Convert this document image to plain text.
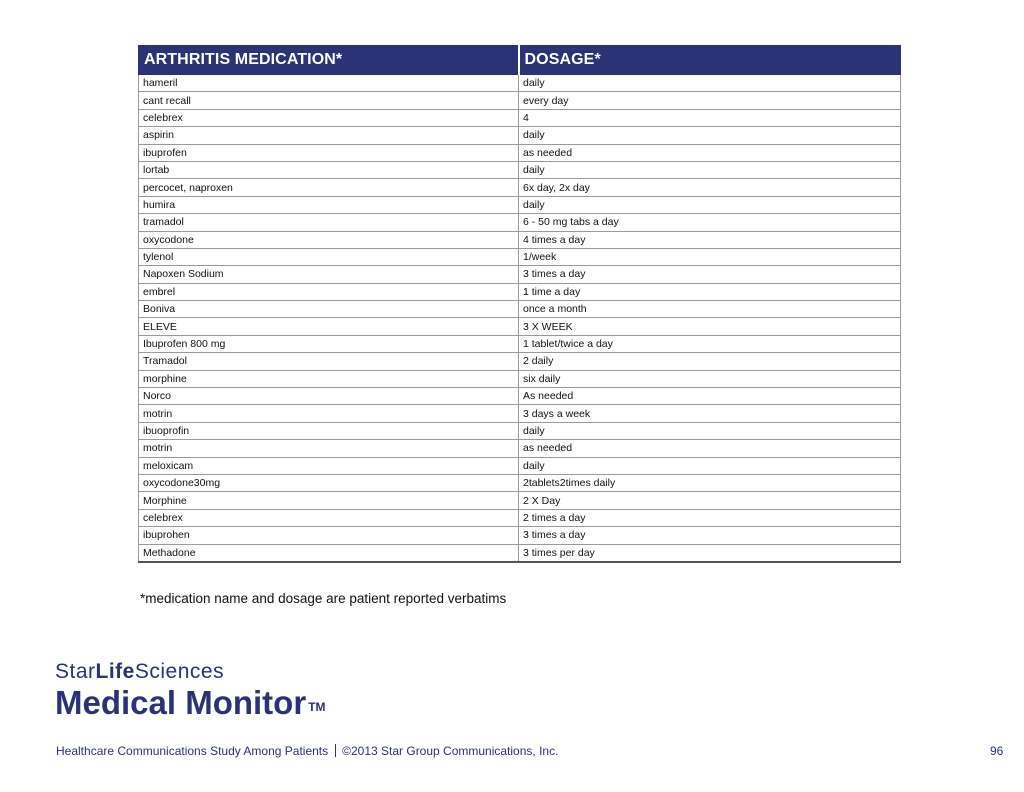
ARTHRITIS MEDICATION*	DOSAGE*
hameril	daily
cant recall	every day
celebrex	4
aspirin	daily
ibuprofen	as needed
lortab	daily
percocet, naproxen	6x day, 2x day
humira	daily
tramadol	6 - 50 mg tabs a day
oxycodone	4 times a day
tylenol	1/week
Napoxen Sodium	3 times a day
embrel	1 time a day
Boniva	once a month
ELEVE	3 X WEEK
Ibuprofen 800 mg	1 tablet/twice a day
Tramadol	2 daily
morphine	six daily
Norco	As needed
motrin	3 days a week
ibuoprofin	daily
motrin	as needed
meloxicam	daily
oxycodone30mg	2tablets2times daily
Morphine	2 X Day
celebrex	2 times a day
ibuprohen	3 times a day
Methadone	3 times per day
*medication name and dosage are patient reported verbatims
StarLifeSciences
Medical Monitor ™
Healthcare Communications Study Among Patients ©2013 Star Group Communications, Inc.	96
